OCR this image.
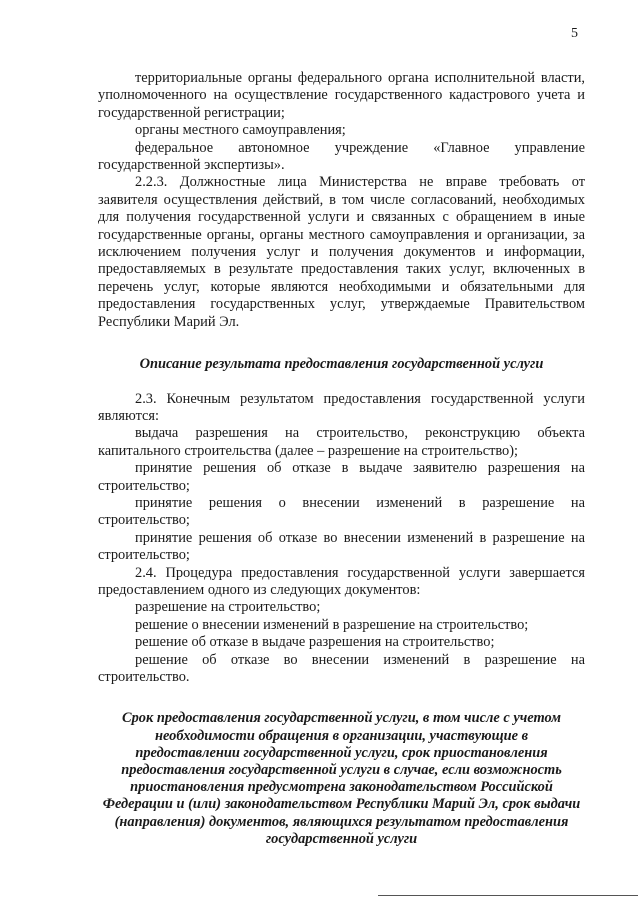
5

территориальные органы федерального органа исполнительной власти, уполномоченного на осуществление государственного кадастрового учета и государственной регистрации;

органы местного самоуправления;

федеральное автономное учреждение «Главное управление государственной экспертизы».

2.2.3. Должностные лица Министерства не вправе требовать от заявителя осуществления действий, в том числе согласований, необходимых для получения государственной услуги и связанных с обращением в иные государственные органы, органы местного самоуправления и организации, за исключением получения услуг и получения документов и информации, предоставляемых в результате предоставления таких услуг, включенных в перечень услуг, которые являются необходимыми и обязательными для предоставления государственных услуг, утверждаемые Правительством Республики Марий Эл.

Описание результата предоставления государственной услуги

2.3. Конечным результатом предоставления государственной услуги являются:

выдача разрешения на строительство, реконструкцию объекта капитального строительства (далее – разрешение на строительство);

принятие решения об отказе в выдаче заявителю разрешения на строительство;

принятие решения о внесении изменений в разрешение на строительство;

принятие решения об отказе во внесении изменений в разрешение на строительство;

2.4. Процедура предоставления государственной услуги завершается предоставлением одного из следующих документов:

разрешение на строительство;

решение о внесении изменений в разрешение на строительство;

решение об отказе в выдаче разрешения на строительство;

решение об отказе во внесении изменений в разрешение на строительство.

Срок предоставления государственной услуги, в том числе с учетом необходимости обращения в организации, участвующие в предоставлении государственной услуги, срок приостановления предоставления государственной услуги в случае, если возможность приостановления предусмотрена законодательством Российской Федерации и (или) законодательством Республики Марий Эл, срок выдачи (направления) документов, являющихся результатом предоставления государственной услуги
